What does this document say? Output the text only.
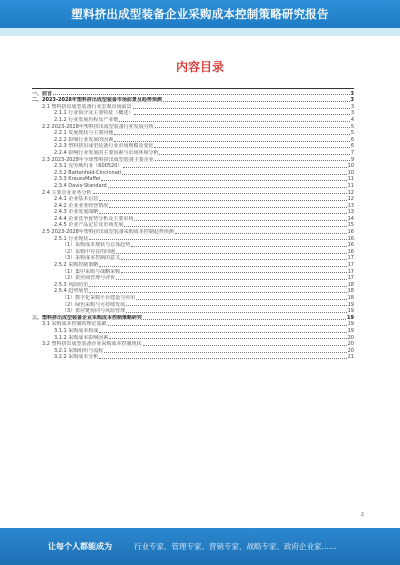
塑料挤出成型装备企业采购成本控制策略研究报告
内容目录
一、前言	3
二、2023-2028年塑料挤出成型装备市场前景及趋势预测	3
2.1 塑料挤出成型装备行业宏观市场前景	3
2.1.1 行业简介及主要特征（概述）	3
2.1.2 行业发展历程及产业链	4
2.2 2023-2028年塑料挤出成型装备行业发展分析	5
2.2.1 发展现状与主要问题	5
2.2.2 影响行业发展的因素	6
2.2.3 塑料挤出成型装备行业市场规模及变化	6
2.2.4 影响行业发展的主要因素与市场环境分析	7
2.3 2023-2028年全球塑料挤出成型装备主要企业	9
2.3.1 克劳斯玛菲（600520）	10
2.3.2 Battenfeld-Cincinnati	10
2.3.3 KraussMaffei	11
2.3.4 Davis-Standard	11
2.4 主要企业业务分析	12
2.4.1 企业基本信息	12
2.4.2 企业业务经营情况	13
2.4.3 企业发展战略	13
2.4.4 企业竞争优势分析及主要市场	14
2.4.5 企业产品定位及市场发展	15
2.5 2023-2028年塑料挤出成型装备采购成本控制趋势预测	16
2.5.1 行业现状	16
（1）采购成本现状与总体趋势	16
（2）采购中存在的问题	16
（3）采购成本控制的意义	17
2.5.2 采购控制策略	17
（1）集中采购与战略采购	17
（2）供应商管理与评价	17
2.5.3 风险防范	18
2.5.4 趋势展望	18
（1）数字化采购平台建设与应用	18
（2）绿色采购与可持续发展	19
（3）供应链协同与风险管理	19
三、塑料挤出成型装备企业采购成本控制策略研究	19
3.1 采购成本控制的理论基础	19
3.1.1 采购成本构成	19
3.1.2 采购成本影响因素	20
3.2 塑料挤出成型装备企业采购成本控制现状	20
3.2.1 采购组织与流程	20
3.2.2 采购成本分析	21
2
让每个人都能成为	行业专家、管理专家、营销专家、战略专家、政府企业家……
